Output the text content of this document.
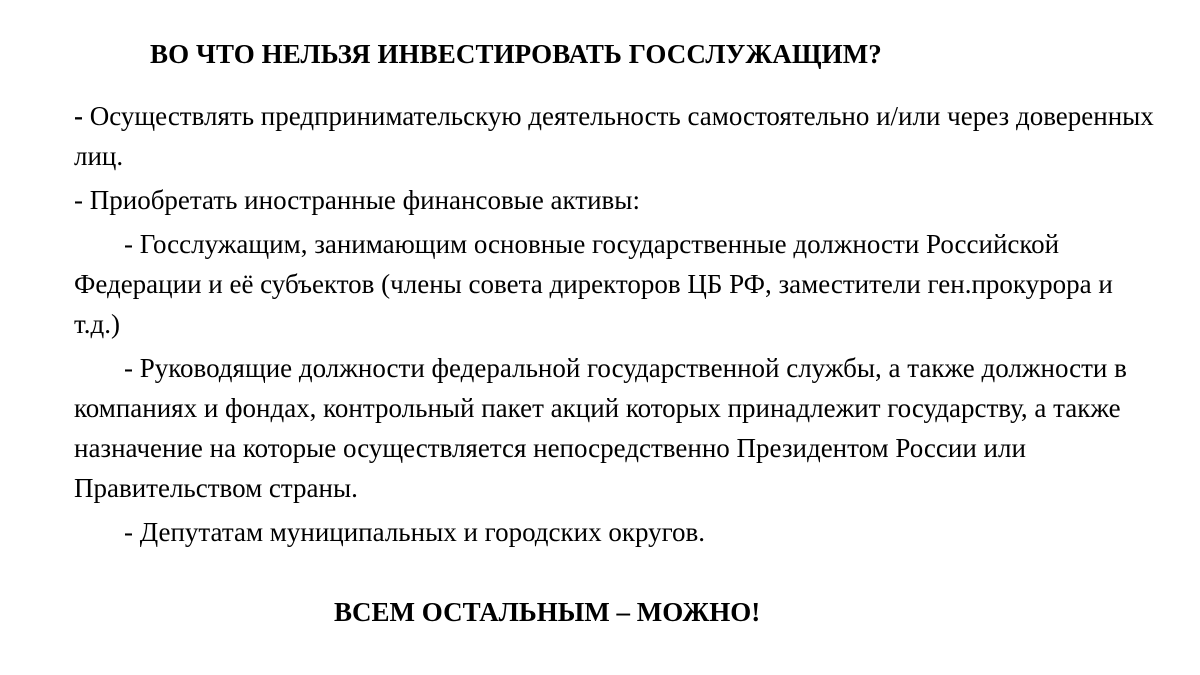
ВО ЧТО НЕЛЬЗЯ ИНВЕСТИРОВАТЬ ГОССЛУЖАЩИМ?

- Осуществлять предпринимательскую деятельность самостоятельно и/или через доверенных лиц.

- Приобретать иностранные финансовые активы:

- Госслужащим, занимающим основные государственные должности Российской Федерации и её субъектов (члены совета директоров ЦБ РФ, заместители ген.прокурора и т.д.)

- Руководящие должности федеральной государственной службы, а также должности в компаниях и фондах, контрольный пакет акций которых принадлежит государству, а также назначение на которые осуществляется непосредственно Президентом России или Правительством страны.

- Депутатам муниципальных и городских округов.

ВСЕМ ОСТАЛЬНЫМ – МОЖНО!
